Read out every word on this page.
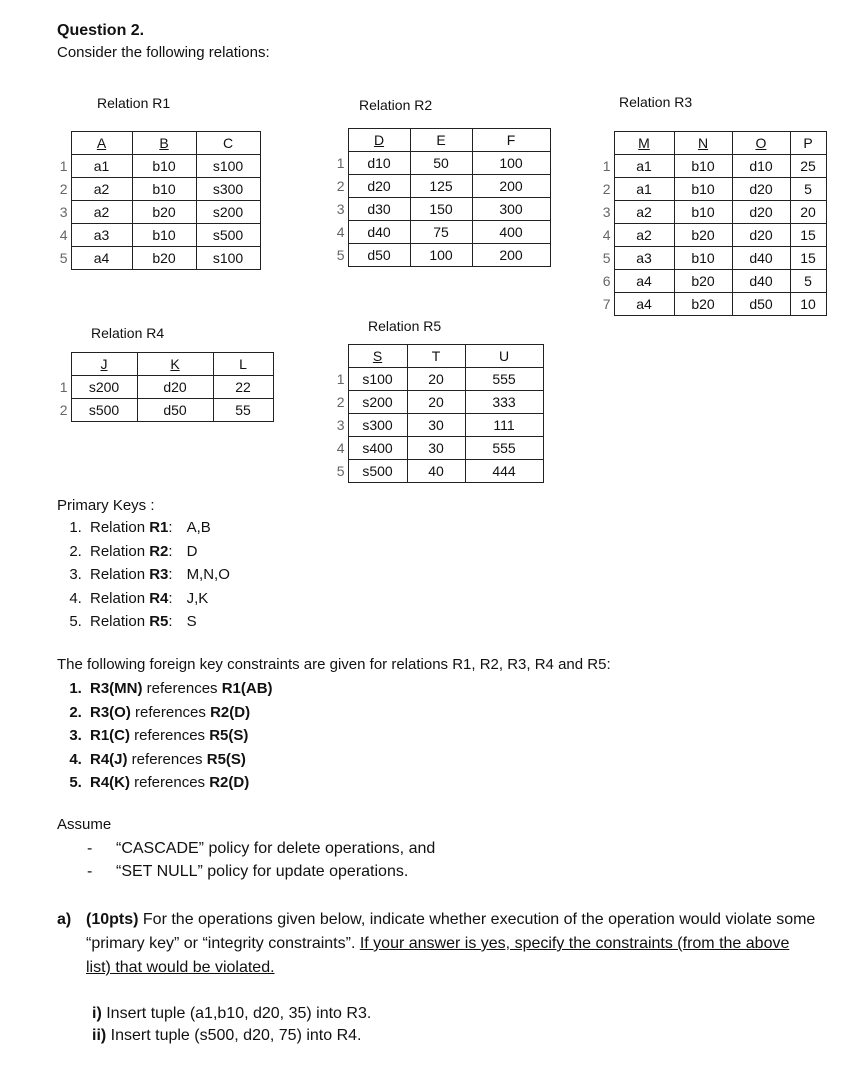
Question 2.
Consider the following relations:
Relation R1	Relation R2	Relation R3
Relation R4	Relation R5
	A	B	C
1	a1	b10	s100
2	a2	b10	s300
3	a2	b20	s200
4	a3	b10	s500
5	a4	b20	s100
	D	E	F
1	d10	50	100
2	d20	125	200
3	d30	150	300
4	d40	75	400
5	d50	100	200
	M	N	O	P
1	a1	b10	d10	25
2	a1	b10	d20	5
3	a2	b10	d20	20
4	a2	b20	d20	15
5	a3	b10	d40	15
6	a4	b20	d40	5
7	a4	b20	d50	10
	J	K	L
1	s200	d20	22
2	s500	d50	55
	S	T	U
1	s100	20	555
2	s200	20	333
3	s300	30	111
4	s400	30	555
5	s500	40	444
Primary Keys :
1. Relation R1: A,B
2. Relation R2: D
3. Relation R3: M,N,O
4. Relation R4: J,K
5. Relation R5: S
The following foreign key constraints are given for relations R1, R2, R3, R4 and R5:
1. R3(MN) references R1(AB)
2. R3(O) references R2(D)
3. R1(C) references R5(S)
4. R4(J) references R5(S)
5. R4(K) references R2(D)
Assume
- “CASCADE” policy for delete operations, and
- “SET NULL” policy for update operations.
a) (10pts) For the operations given below, indicate whether execution of the operation would violate some “primary key” or “integrity constraints”. If your answer is yes, specify the constraints (from the above list) that would be violated.
i) Insert tuple (a1,b10, d20, 35) into R3.
ii) Insert tuple (s500, d20, 75) into R4.
